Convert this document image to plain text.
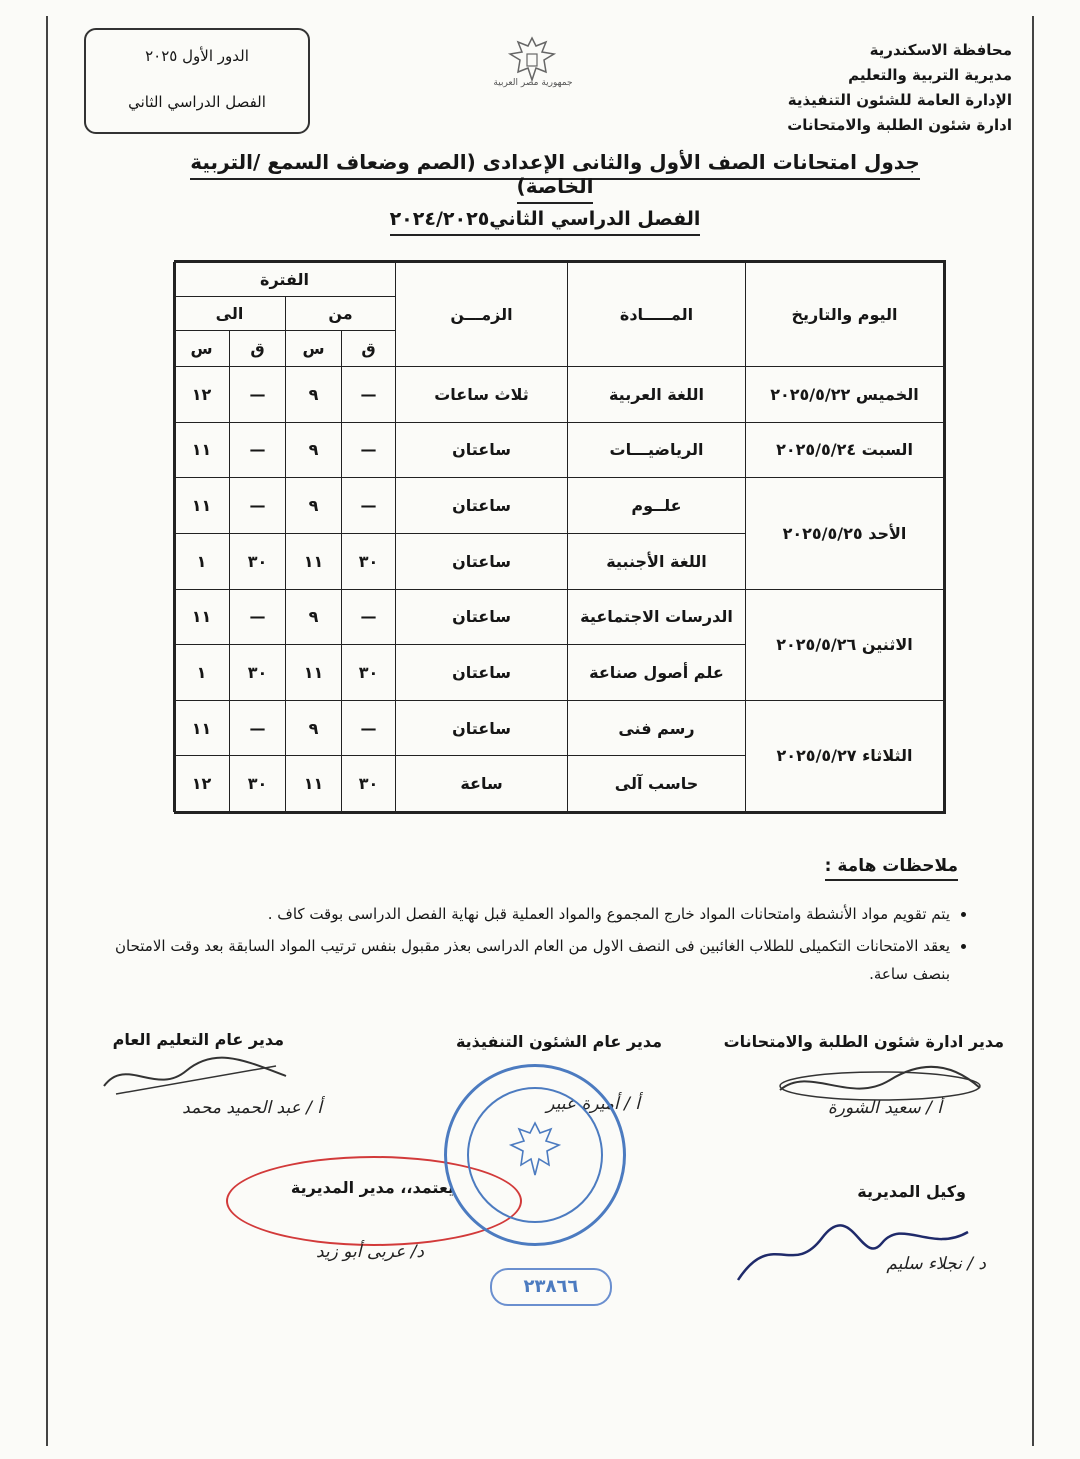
محافظة الاسكندرية
مديرية التربية والتعليم
الإدارة العامة للشئون التنفيذية
ادارة شئون الطلبة والامتحانات
جمهورية مصر العربية
الدور الأول ٢٠٢٥
الفصل الدراسي الثاني
جدول امتحانات الصف الأول والثانى الإعدادى (الصم وضعاف السمع /التربية الخاصة)
الفصل الدراسي الثاني٢٠٢٤/٢٠٢٥
اليوم والتاريخ	المـــــادة	الزمـــن	الفترة			
			من		الى	
			ق	س	ق	س
الخميس ٢٠٢٥/٥/٢٢	اللغة العربية	ثلاث ساعات	—	٩	—	١٢
السبت ٢٠٢٥/٥/٢٤	الرياضيـــات	ساعتان	—	٩	—	١١
الأحد ٢٠٢٥/٥/٢٥	علــوم	ساعتان	—	٩	—	١١
	اللغة الأجنبية	ساعتان	٣٠	١١	٣٠	١
الاثنين ٢٠٢٥/٥/٢٦	الدرسات الاجتماعية	ساعتان	—	٩	—	١١
	علم أصول صناعة	ساعتان	٣٠	١١	٣٠	١
الثلاثاء ٢٠٢٥/٥/٢٧	رسم فنى	ساعتان	—	٩	—	١١
	حاسب آلى	ساعة	٣٠	١١	٣٠	١٢
ملاحظات هامة :
• يتم تقويم مواد الأنشطة وامتحانات المواد خارج المجموع والمواد العملية قبل نهاية الفصل الدراسى بوقت كاف .
• يعقد الامتحانات التكميلى للطلاب الغائبين فى النصف الاول من العام الدراسى بعذر مقبول بنفس ترتيب المواد السابقة بعد وقت الامتحان بنصف ساعة.
مدير ادارة شئون الطلبة والامتحانات
أ / سعيد الشورة
مدير عام الشئون التنفيذية
أ / أميرة عبير
مدير عام التعليم العام
أ / عبد الحميد محمد
وكيل المديرية
د / نجلاء سليم
يعتمد،، مدير المديرية
د/ عربى أبو زيد
٢٣٨٦٦
